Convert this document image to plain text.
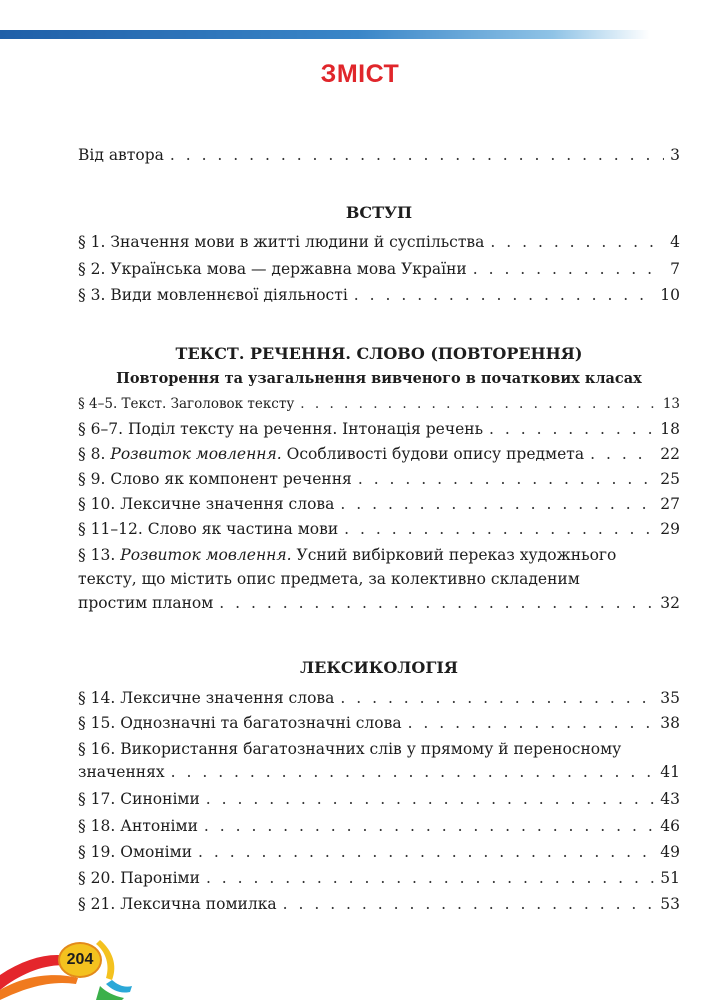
ЗМІСТ
Від автора . . .	3
ВСТУП
§ 1. Значення мови в житті людини й суспільства . . .	4
§ 2. Українська мова — державна мова України . . .	7
§ 3. Види мовленнєвої діяльності . . .	10
ТЕКСТ. РЕЧЕННЯ. СЛОВО (ПОВТОРЕННЯ)
Повторення та узагальнення вивченого в початкових класах
§ 4–5. Текст. Заголовок тексту . . .	13
§ 6–7. Поділ тексту на речення. Інтонація речень . . .	18
§ 8. Розвиток мовлення. Особливості будови опису предмета . . .	22
§ 9. Слово як компонент речення . . .	25
§ 10. Лексичне значення слова . . .	27
§ 11–12. Слово як частина мови . . .	29
§ 13. Розвиток мовлення. Усний вибірковий переказ художнього
тексту, що містить опис предмета, за колективно складеним
простим планом . . .	32
ЛЕКСИКОЛОГІЯ
§ 14. Лексичне значення слова . . .	35
§ 15. Однозначні та багатозначні слова . . .	38
§ 16. Використання багатозначних слів у прямому й переносному
значеннях . . .	41
§ 17. Синоніми . . .	43
§ 18. Антоніми . . .	46
§ 19. Омоніми . . .	49
§ 20. Пароніми . . .	51
§ 21. Лексична помилка . . .	53
204
